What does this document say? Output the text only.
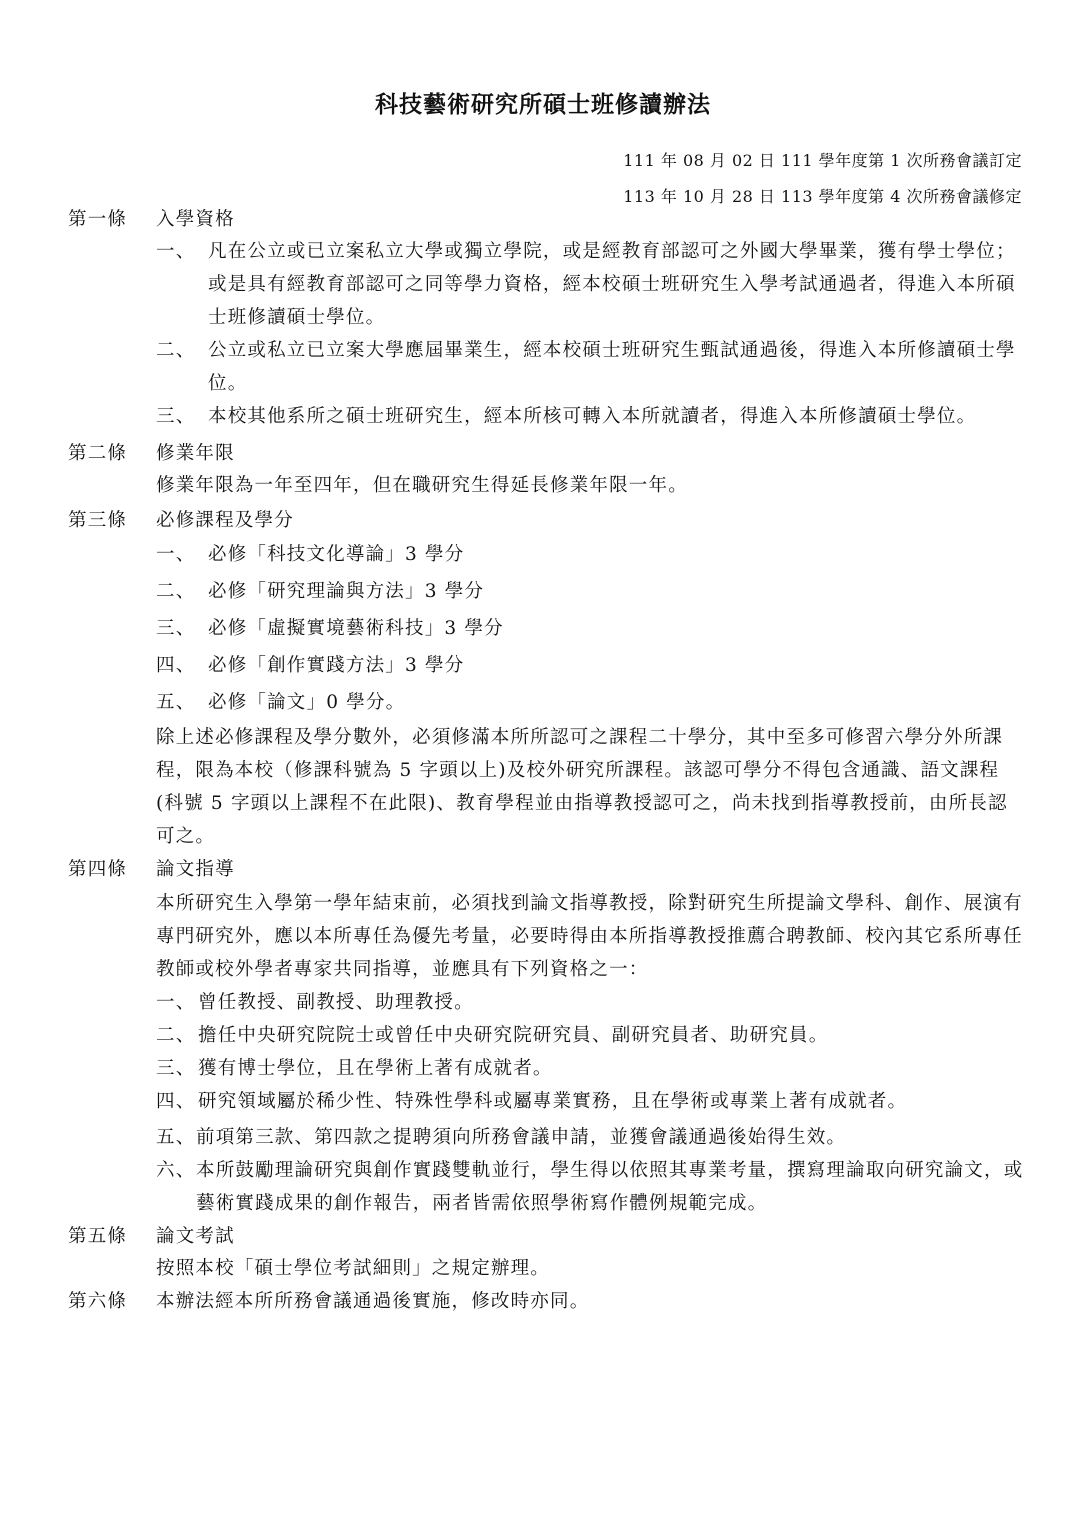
科技藝術研究所碩士班修讀辦法
111 年 08 月 02 日 111 學年度第 1 次所務會議訂定
113 年 10 月 28 日 113 學年度第 4 次所務會議修定
第一條	入學資格
一、 凡在公立或已立案私立大學或獨立學院，或是經教育部認可之外國大學畢業，獲有學士學位；或是具有經教育部認可之同等學力資格，經本校碩士班研究生入學考試通過者，得進入本所碩士班修讀碩士學位。
二、 公立或私立已立案大學應屆畢業生，經本校碩士班研究生甄試通過後，得進入本所修讀碩士學位。
三、 本校其他系所之碩士班研究生，經本所核可轉入本所就讀者，得進入本所修讀碩士學位。
第二條	修業年限
修業年限為一年至四年，但在職研究生得延長修業年限一年。
第三條	必修課程及學分
一、 必修「科技文化導論」3 學分
二、 必修「研究理論與方法」3 學分
三、 必修「虛擬實境藝術科技」3 學分
四、 必修「創作實踐方法」3 學分
五、 必修「論文」0 學分。
除上述必修課程及學分數外，必須修滿本所所認可之課程二十學分，其中至多可修習六學分外所課程，限為本校（修課科號為 5 字頭以上)及校外研究所課程。該認可學分不得包含通識、語文課程(科號 5 字頭以上課程不在此限)、教育學程並由指導教授認可之，尚未找到指導教授前，由所長認可之。
第四條	論文指導
本所研究生入學第一學年結束前，必須找到論文指導教授，除對研究生所提論文學科、創作、展演有專門研究外，應以本所專任為優先考量，必要時得由本所指導教授推薦合聘教師、校內其它系所專任教師或校外學者專家共同指導，並應具有下列資格之一：
一、 曾任教授、副教授、助理教授。
二、 擔任中央研究院院士或曾任中央研究院研究員、副研究員者、助研究員。
三、 獲有博士學位，且在學術上著有成就者。
四、 研究領域屬於稀少性、特殊性學科或屬專業實務，且在學術或專業上著有成就者。
五、 前項第三款、第四款之提聘須向所務會議申請，並獲會議通過後始得生效。
六、 本所鼓勵理論研究與創作實踐雙軌並行，學生得以依照其專業考量，撰寫理論取向研究論文，或藝術實踐成果的創作報告，兩者皆需依照學術寫作體例規範完成。
第五條	論文考試
按照本校「碩士學位考試細則」之規定辦理。
第六條	本辦法經本所所務會議通過後實施，修改時亦同。
